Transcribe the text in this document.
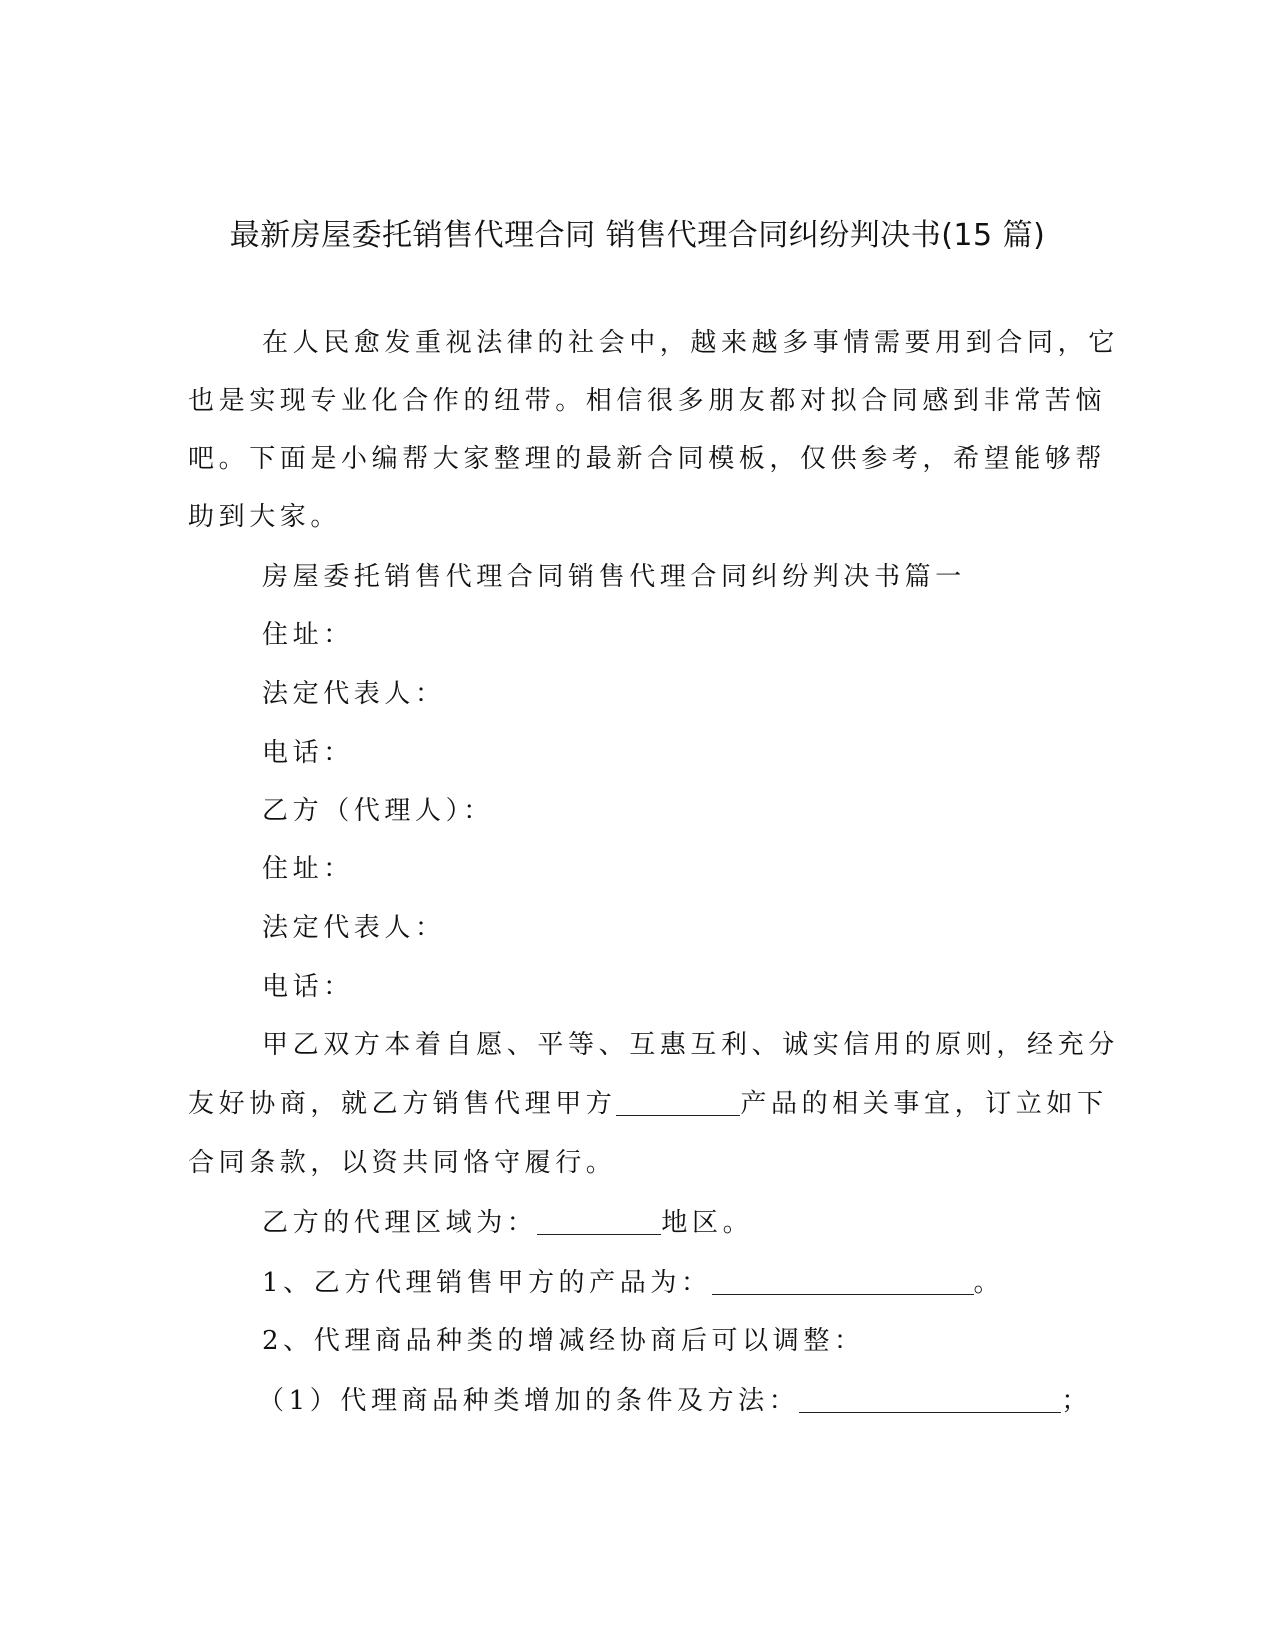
最新房屋委托销售代理合同 销售代理合同纠纷判决书(15 篇)
在人民愈发重视法律的社会中，越来越多事情需要用到合同，它
也是实现专业化合作的纽带。相信很多朋友都对拟合同感到非常苦恼
吧。下面是小编帮大家整理的最新合同模板，仅供参考，希望能够帮
助到大家。
房屋委托销售代理合同销售代理合同纠纷判决书篇一
住址：
法定代表人：
电话：
乙方（代理人）：
住址：
法定代表人：
电话：
甲乙双方本着自愿、平等、互惠互利、诚实信用的原则，经充分
友好协商，就乙方销售代理甲方	产品的相关事宜，订立如下
合同条款，以资共同恪守履行。
乙方的代理区域为：	地区。
1、乙方代理销售甲方的产品为：	。
2、代理商品种类的增减经协商后可以调整：
（1）代理商品种类增加的条件及方法：	；
